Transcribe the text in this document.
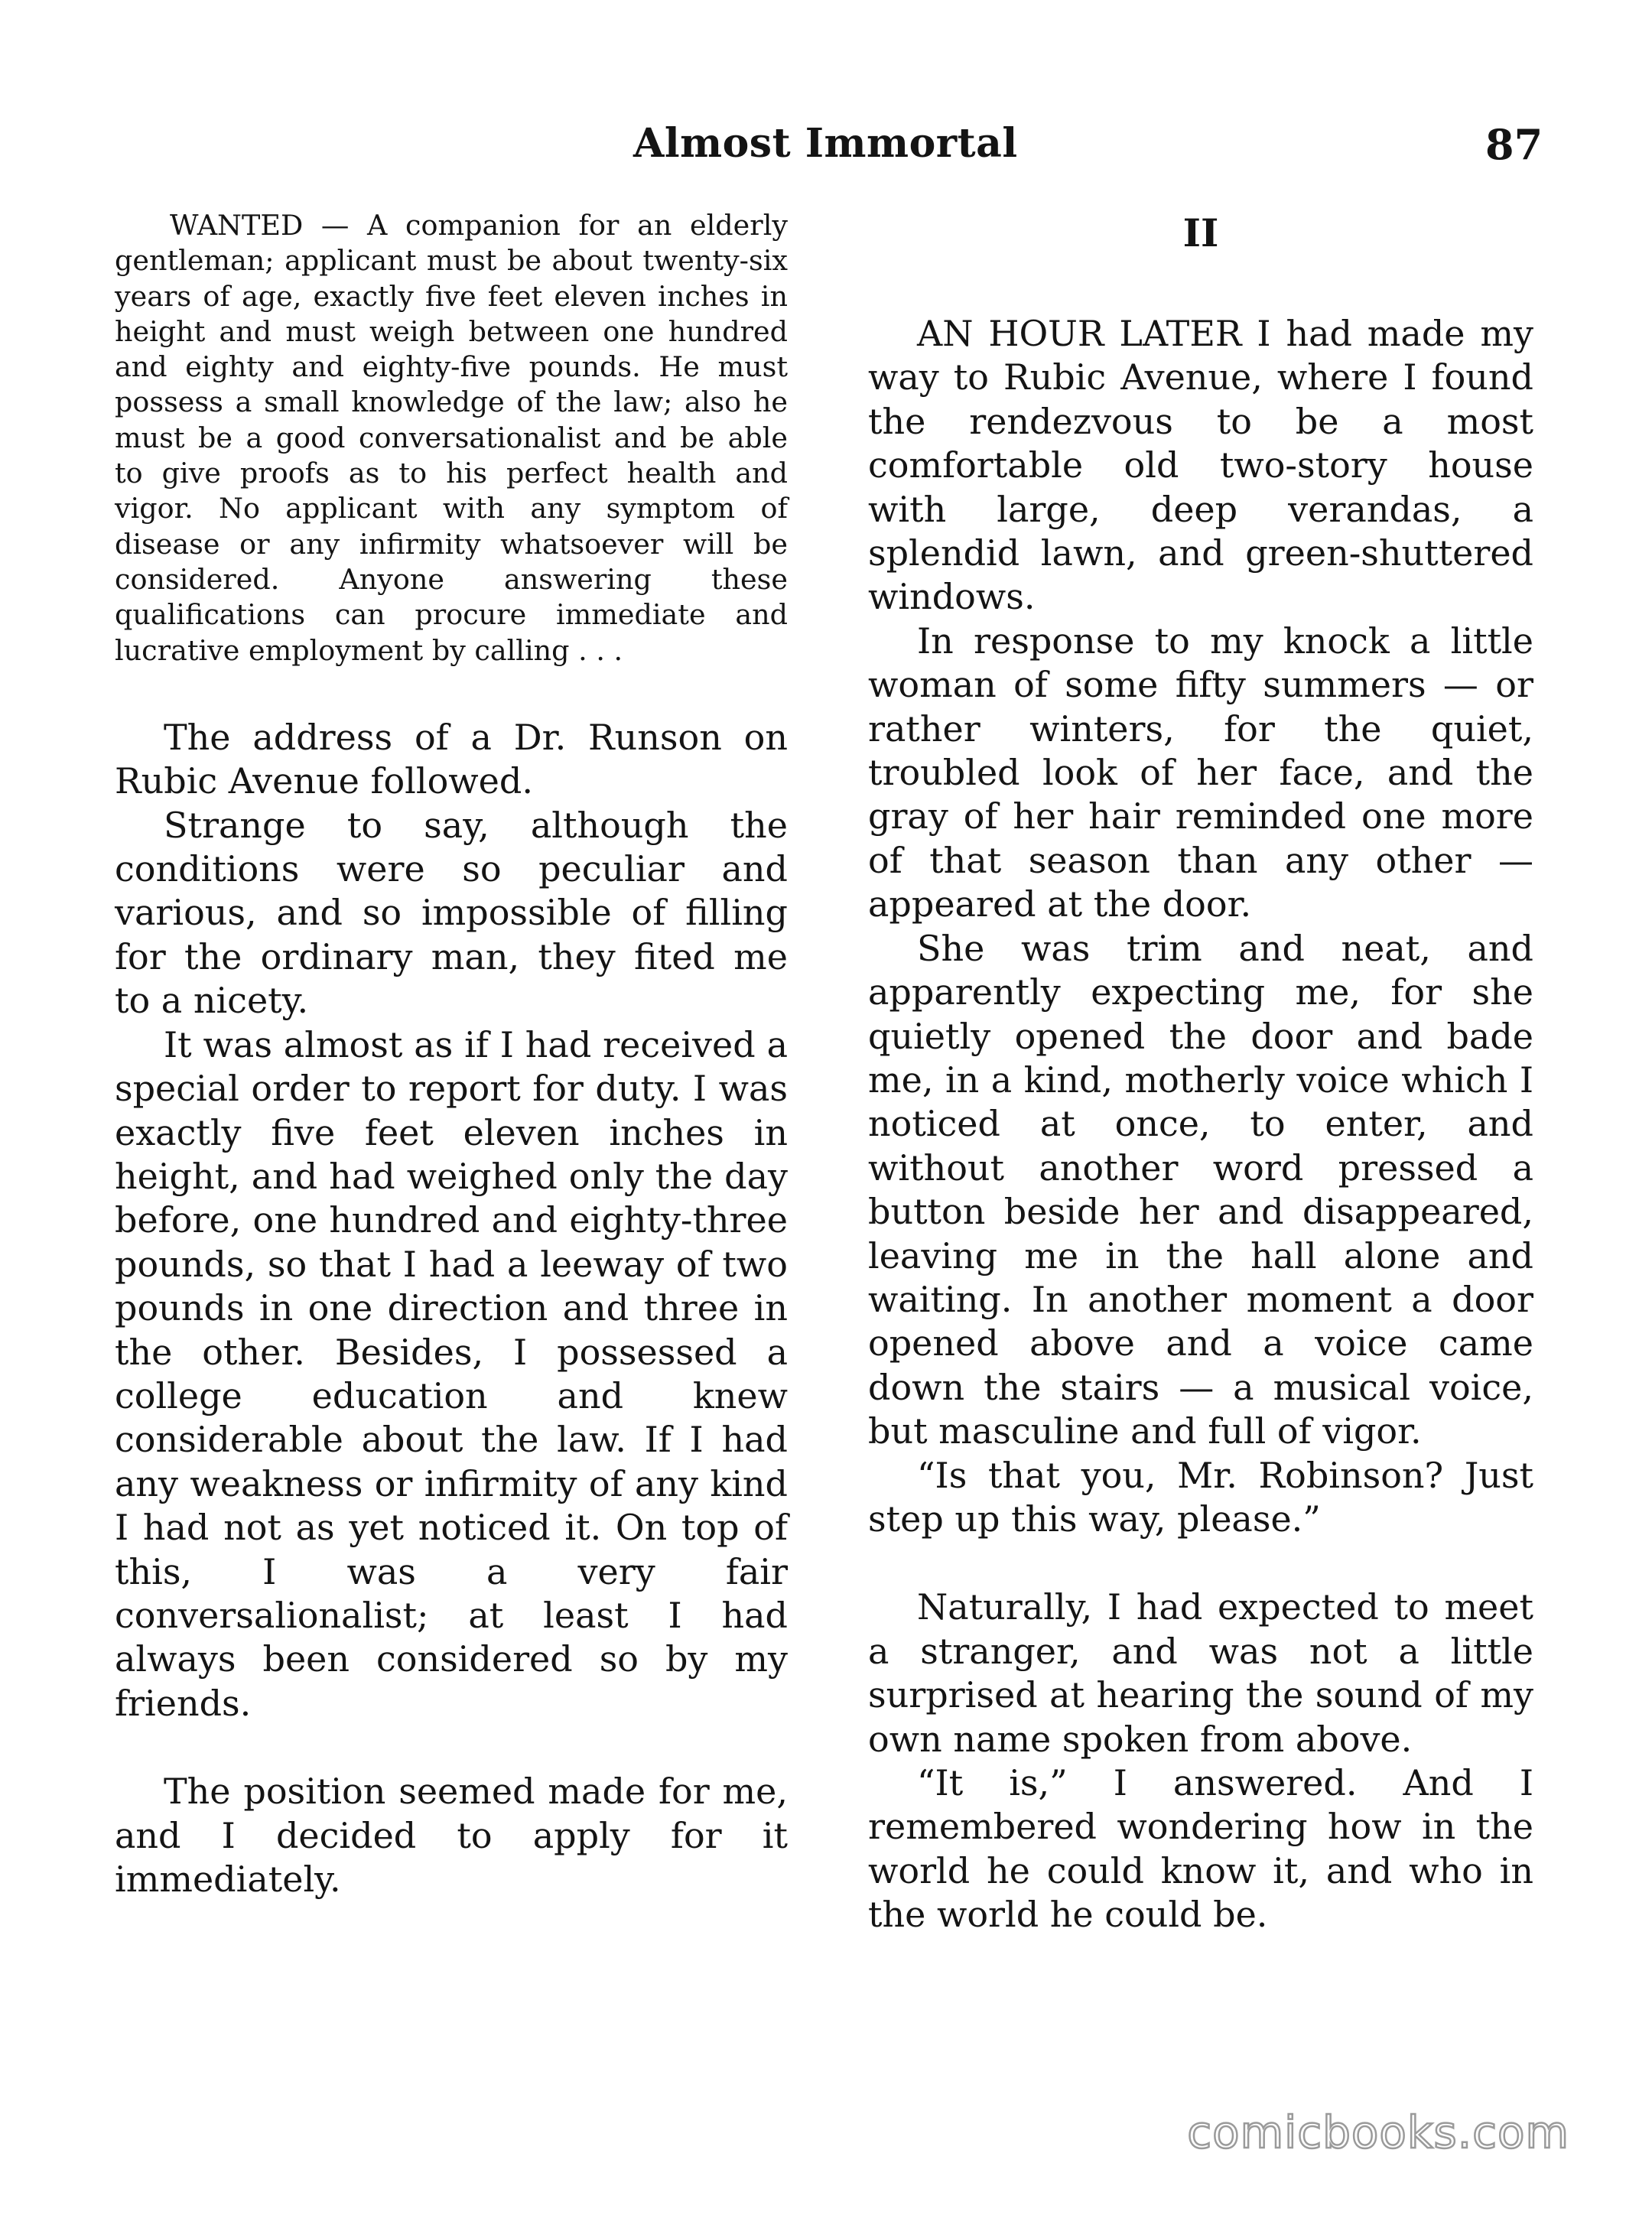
Almost Immortal	87

WANTED — A companion for an elderly gentleman; applicant must be about twenty-six years of age, exactly five feet eleven inches in height and must weigh between one hundred and eighty and eighty-five pounds. He must possess a small knowledge of the law; also he must be a good conversationalist and be able to give proofs as to his perfect health and vigor. No applicant with any symptom of disease or any infirmity whatsoever will be considered. Anyone answering these qualifications can procure immediate and lucrative employment by calling . . .

The address of a Dr. Runson on Rubic Avenue followed.

Strange to say, although the conditions were so peculiar and various, and so impossible of filling for the ordinary man, they fited me to a nicety.

It was almost as if I had received a special order to report for duty. I was exactly five feet eleven inches in height, and had weighed only the day before, one hundred and eighty-three pounds, so that I had a leeway of two pounds in one direction and three in the other. Besides, I possessed a college education and knew considerable about the law. If I had any weakness or infirmity of any kind I had not as yet noticed it. On top of this, I was a very fair conversalionalist; at least I had always been considered so by my friends.

The position seemed made for me, and I decided to apply for it immediately.

II

AN HOUR LATER I had made my way to Rubic Avenue, where I found the rendezvous to be a most comfortable old two-story house with large, deep verandas, a splendid lawn, and green-shuttered windows.

In response to my knock a little woman of some fifty summers — or rather winters, for the quiet, troubled look of her face, and the gray of her hair reminded one more of that season than any other — appeared at the door.

She was trim and neat, and apparently expecting me, for she quietly opened the door and bade me, in a kind, motherly voice which I noticed at once, to enter, and without another word pressed a button beside her and disappeared, leaving me in the hall alone and waiting. In another moment a door opened above and a voice came down the stairs — a musical voice, but masculine and full of vigor.

“Is that you, Mr. Robinson? Just step up this way, please.”

Naturally, I had expected to meet a stranger, and was not a little surprised at hearing the sound of my own name spoken from above.

“It is,” I answered. And I remembered wondering how in the world he could know it, and who in the world he could be.

comicbooks.com
